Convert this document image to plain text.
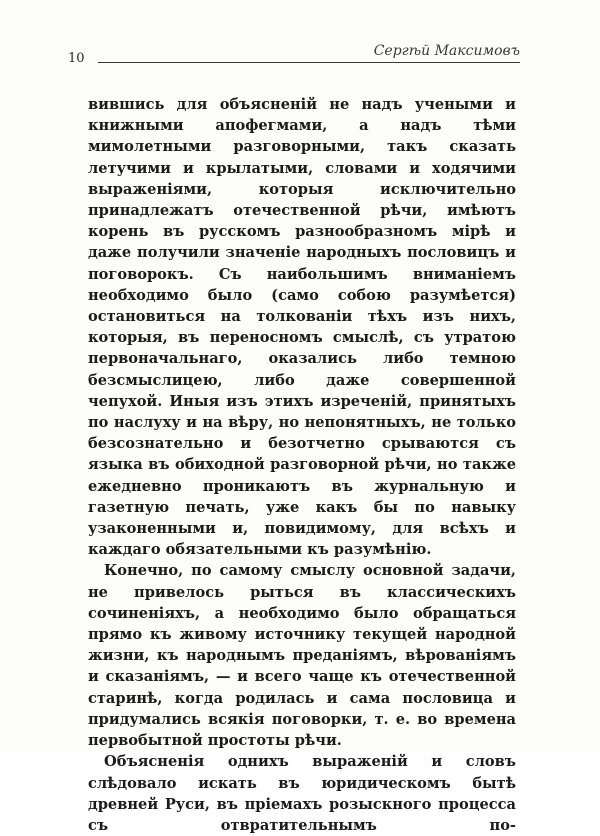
10	Сергѣй Максимовъ

вившись для объясненій не надъ учеными и книжными апофегмами, а надъ тѣми мимолетными разговорными, такъ сказать летучими и крылатыми, словами и ходячими выраженіями, которыя исключительно принадлежатъ отечественной рѣчи, имѣютъ корень въ русскомъ разнообразномъ мірѣ и даже получили значеніе народныхъ пословицъ и поговорокъ. Съ наибольшимъ вниманіемъ необходимо было (само собою разумѣется) остановиться на толкованіи тѣхъ изъ нихъ, которыя, въ переносномъ смыслѣ, съ утратою первоначальнаго, оказались либо темною безсмыслицею, либо даже совершенной чепухой. Иныя изъ этихъ изреченій, принятыхъ по наслуху и на вѣру, но непонятныхъ, не только безсознательно и безотчетно срываются съ языка въ обиходной разговорной рѣчи, но также ежедневно проникаютъ въ журнальную и газетную печать, уже какъ бы по навыку узаконенными и, повидимому, для всѣхъ и каждаго обязательными къ разумѣнію.

Конечно, по самому смыслу основной задачи, не привелось рыться въ классическихъ сочиненіяхъ, а необходимо было обращаться прямо къ живому источнику текущей народной жизни, къ народнымъ преданіямъ, вѣрованіямъ и сказаніямъ, — и всего чаще къ отечественной старинѣ, когда родилась и сама пословица и придумались всякія поговорки, т. е. во времена первобытной простоты рѣчи.

Объясненія однихъ выраженій и словъ слѣдовало искать въ юридическомъ бытѣ древней Руси, въ пріемахъ розыскного процесса съ отвратительнымъ по-
